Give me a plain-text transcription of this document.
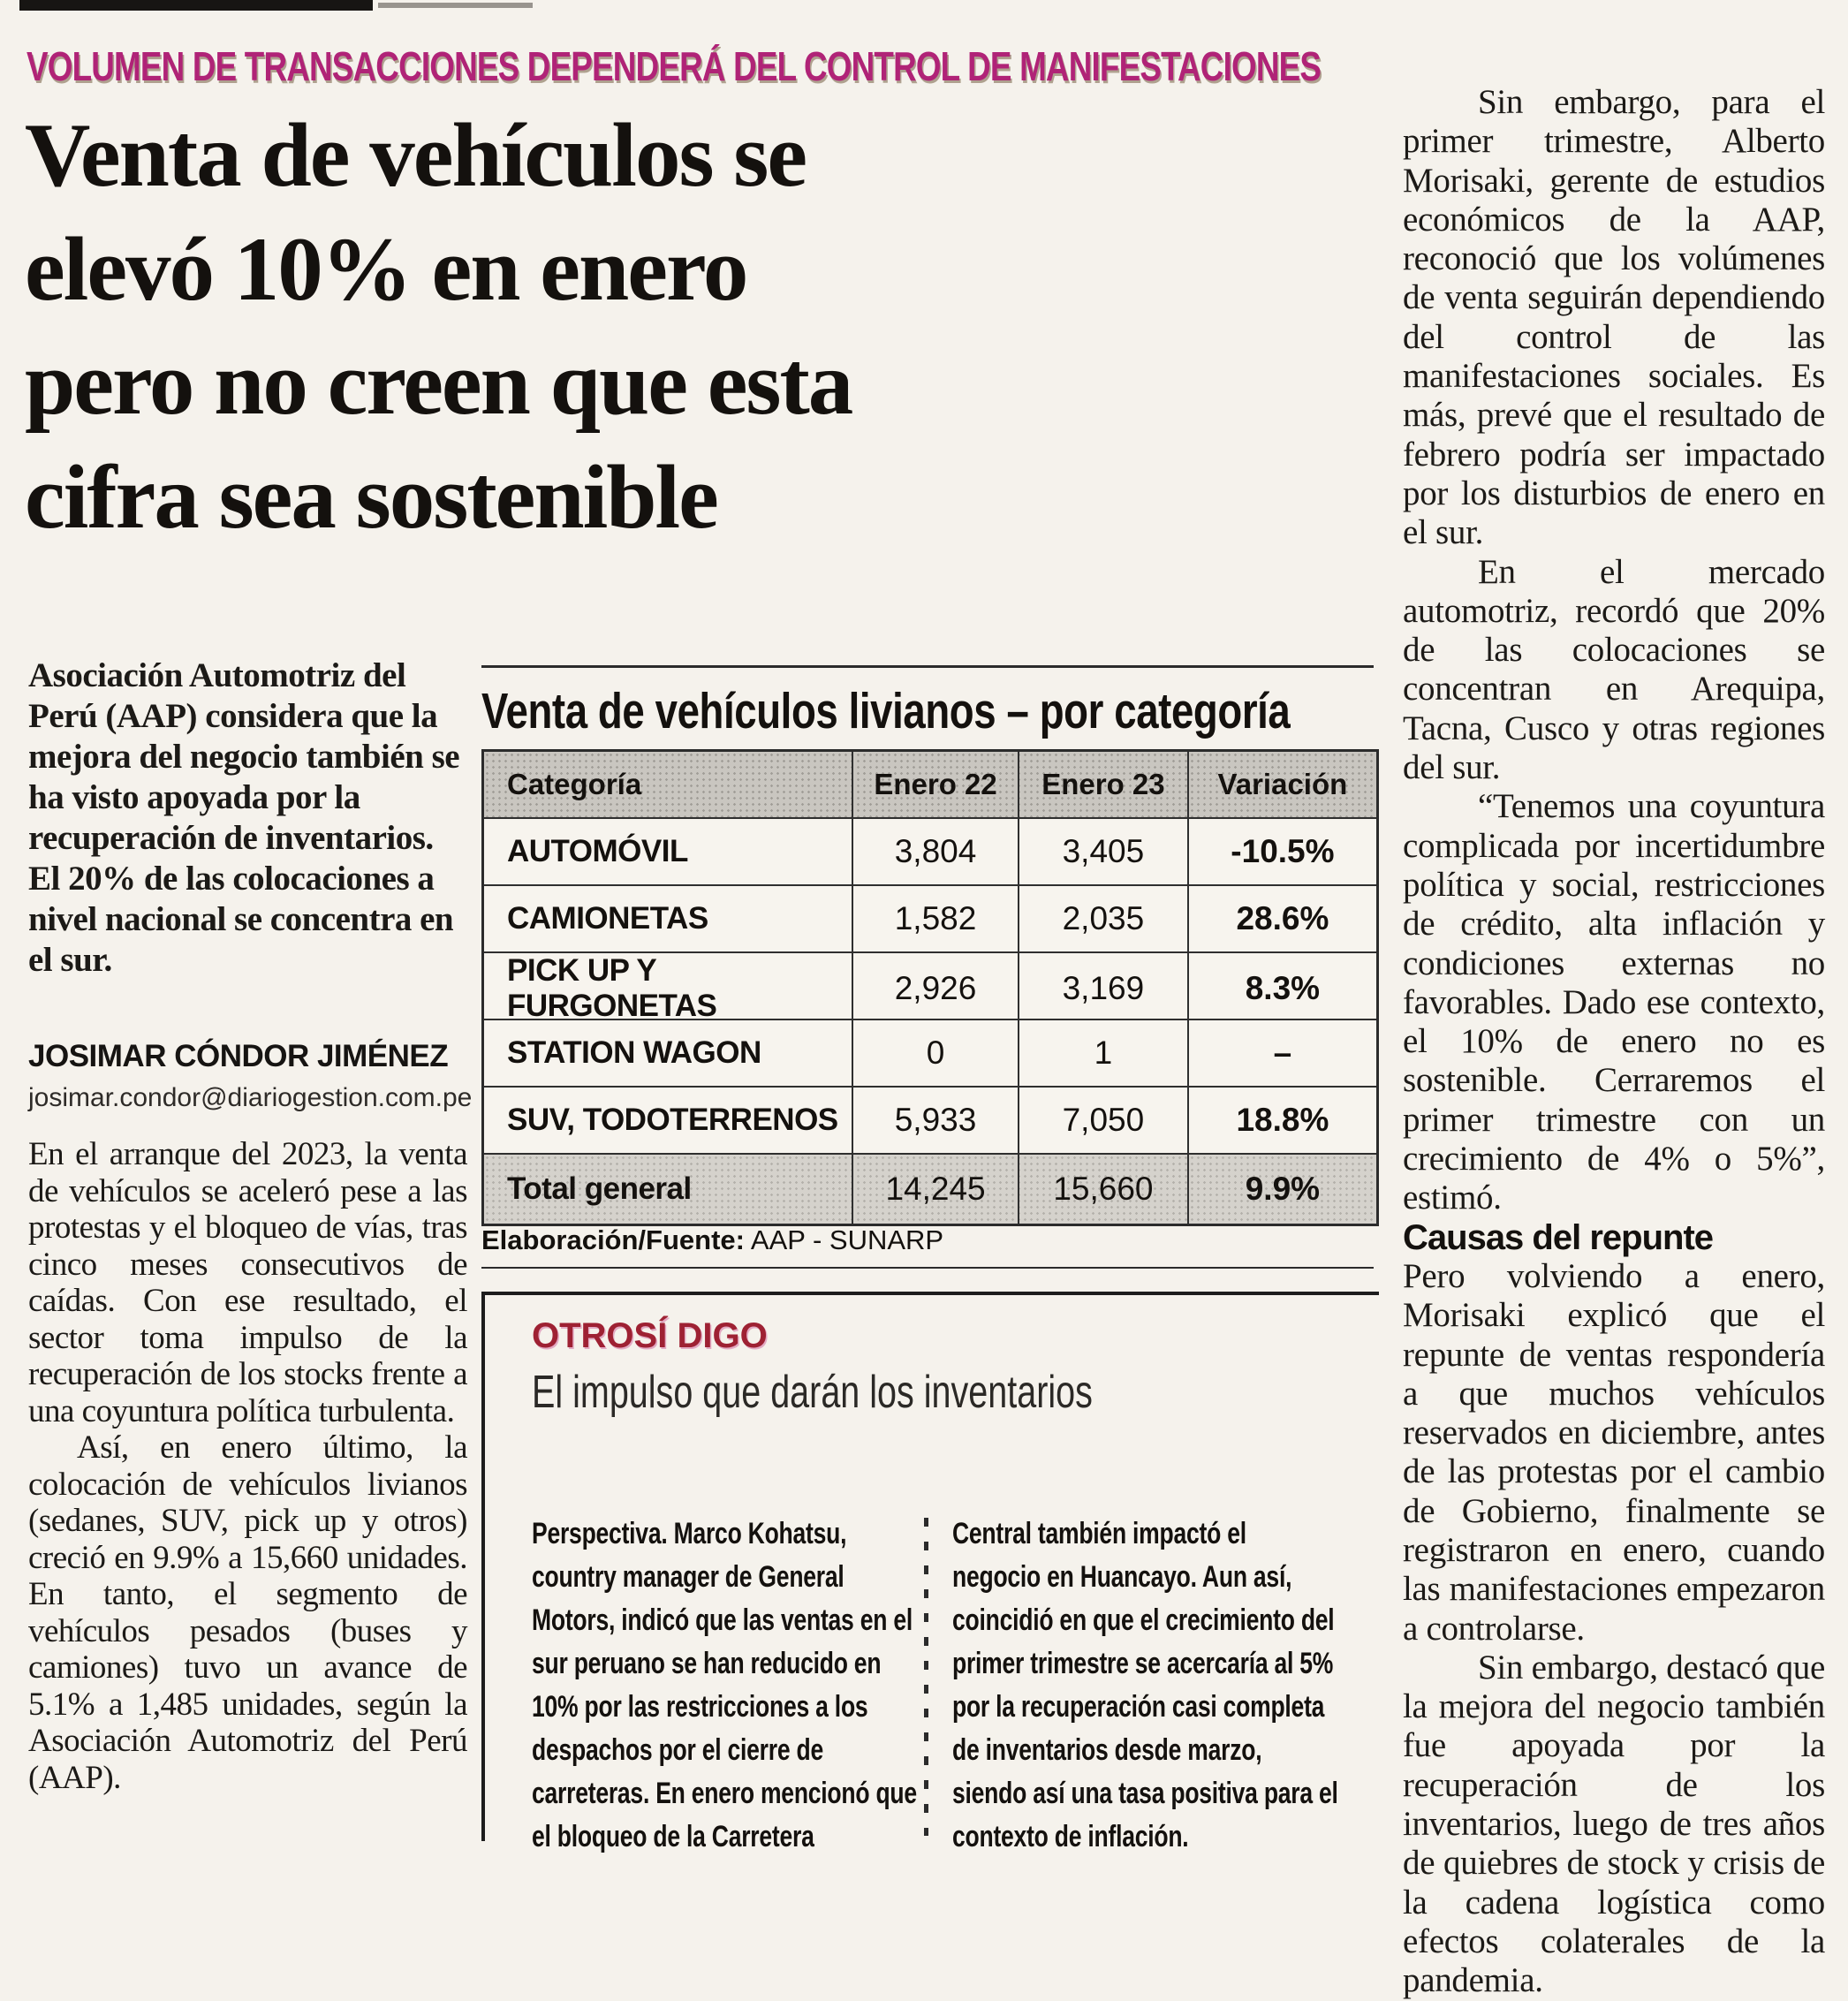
VOLUMEN DE TRANSACCIONES DEPENDERÁ DEL CONTROL DE MANIFESTACIONES
Venta de vehículos se
elevó 10% en enero
pero no creen que esta
cifra sea sostenible
Asociación Automotriz del Perú (AAP) considera que la mejora del negocio también se ha visto apoyada por la recuperación de inventarios. El 20% de las colocaciones a nivel nacional se concentra en el sur.
JOSIMAR CÓNDOR JIMÉNEZ
josimar.condor@diariogestion.com.pe

En el arranque del 2023, la venta de vehículos se aceleró pese a las protestas y el bloqueo de vías, tras cinco meses consecutivos de caídas. Con ese resultado, el sector toma impulso de la recuperación de los stocks frente a una coyuntura política turbulenta.

Así, en enero último, la colocación de vehículos livianos (sedanes, SUV, pick up y otros) creció en 9.9% a 15,660 unidades. En tanto, el segmento de vehículos pesados (buses y camiones) tuvo un avance de 5.1% a 1,485 unidades, según la Asociación Automotriz del Perú (AAP).

Venta de vehículos livianos – por categoría
Categoría	Enero 22	Enero 23	Variación
AUTOMÓVIL	3,804	3,405	-10.5%
CAMIONETAS	1,582	2,035	28.6%
PICK UP Y FURGONETAS	2,926	3,169	8.3%
STATION WAGON	0	1	–
SUV, TODOTERRENOS	5,933	7,050	18.8%
Total general	14,245	15,660	9.9%
Elaboración/Fuente: AAP - SUNARP
OTROSÍ DIGO
El impulso que darán los inventarios
Perspectiva. Marco Kohatsu, country manager de General Motors, indicó que las ventas en el sur peruano se han reducido en 10% por las restricciones a los despachos por el cierre de carreteras. En enero mencionó que el bloqueo de la Carretera
Central también impactó el negocio en Huancayo. Aun así, coincidió en que el crecimiento del primer trimestre se acercaría al 5% por la recuperación casi completa de inventarios desde marzo, siendo así una tasa positiva para el contexto de inflación.

Sin embargo, para el primer trimestre, Alberto Morisaki, gerente de estudios económicos de la AAP, reconoció que los volúmenes de venta seguirán dependiendo del control de las manifestaciones sociales. Es más, prevé que el resultado de febrero podría ser impactado por los disturbios de enero en el sur.

En el mercado automotriz, recordó que 20% de las colocaciones se concentran en Arequipa, Tacna, Cusco y otras regiones del sur.

“Tenemos una coyuntura complicada por incertidumbre política y social, restricciones de crédito, alta inflación y condiciones externas no favorables. Dado ese contexto, el 10% de enero no es sostenible. Cerraremos el primer trimestre con un crecimiento de 4% o 5%”, estimó.

Causas del repunte

Pero volviendo a enero, Morisaki explicó que el repunte de ventas respondería a que muchos vehículos reservados en diciembre, antes de las protestas por el cambio de Gobierno, finalmente se registraron en enero, cuando las manifestaciones empezaron a controlarse.

Sin embargo, destacó que la mejora del negocio también fue apoyada por la recuperación de los inventarios, luego de tres años de quiebres de stock y crisis de la cadena logística como efectos colaterales de la pandemia.
